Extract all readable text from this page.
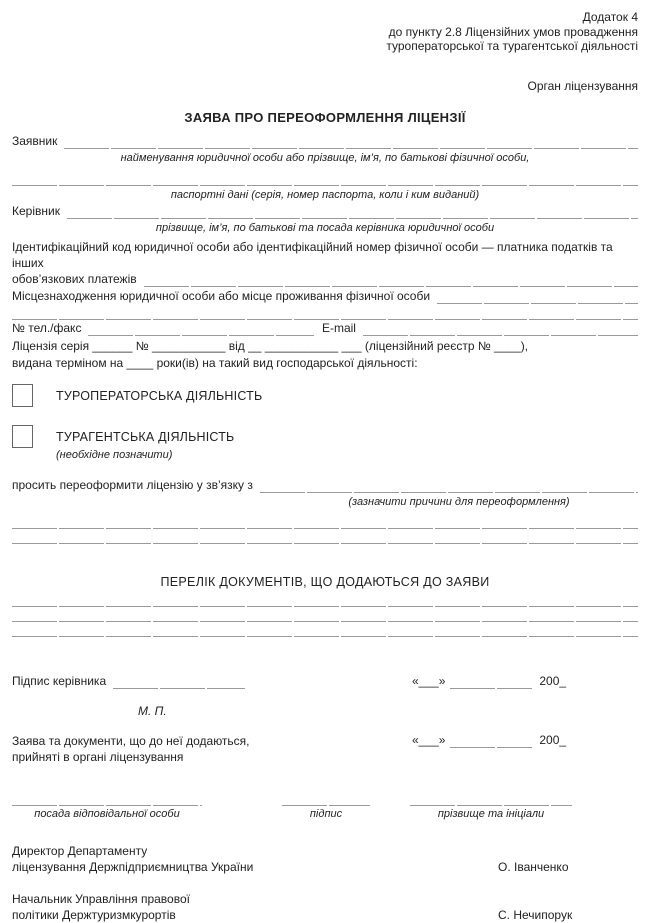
Додаток 4
до пункту 2.8 Ліцензійних умов провадження
туроператорської та турагентської діяльності
Орган ліцензування
ЗАЯВА ПРО ПЕРЕОФОРМЛЕННЯ ЛІЦЕНЗІЇ
Заявник
найменування юридичної особи або прізвище, ім’я, по батькові фізичної особи,
паспортні дані (серія, номер паспорта, коли і ким виданий)
Керівник
прізвище, ім’я, по батькові та посада керівника юридичної особи
Ідентифікаційний код юридичної особи або ідентифікаційний номер фізичної особи — платника податків та інших
обов’язкових платежів
Місцезнаходження юридичної особи або місце проживання фізичної особи
№ тел./факс	E-mail
Ліцензія серія ______ № ___________ від __ ___________ ___ (ліцензійний реєстр № ____),
видана терміном на ____ роки(ів) на такий вид господарської діяльності:
ТУРОПЕРАТОРСЬКА ДІЯЛЬНІСТЬ
ТУРАГЕНТСЬКА ДІЯЛЬНІСТЬ
(необхідне позначити)
просить переоформити ліцензію у зв’язку з
(зазначити причини для переоформлення)
ПЕРЕЛІК ДОКУМЕНТІВ, ЩО ДОДАЮТЬСЯ ДО ЗАЯВИ
Підпис керівника	«___»	200_
М. П.
Заява та документи, що до неї додаються,
прийняті в органі ліцензування
«___»	200_
посада відповідальної особи	підпис	прізвище та ініціали
Директор Департаменту
ліцензування Держпідприємництва України	О. Іванченко
Начальник Управління правової
політики Держтуризмкурортів	С. Нечипорук
